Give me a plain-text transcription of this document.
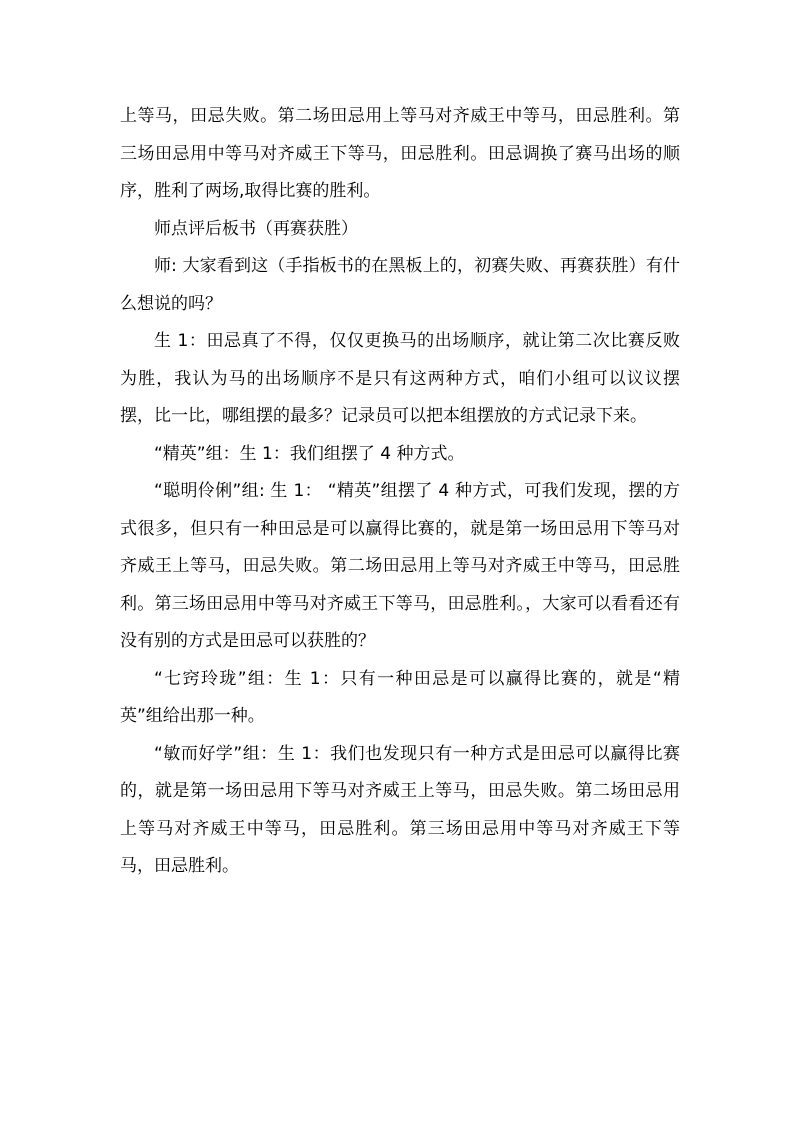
上等马，田忌失败。第二场田忌用上等马对齐威王中等马，田忌胜利。第三场田忌用中等马对齐威王下等马，田忌胜利。田忌调换了赛马出场的顺序，胜利了两场,取得比赛的胜利。

师点评后板书（再赛获胜）

师: 大家看到这（手指板书的在黑板上的，初赛失败、再赛获胜）有什么想说的吗？

生 1：田忌真了不得，仅仅更换马的出场顺序，就让第二次比赛反败为胜，我认为马的出场顺序不是只有这两种方式，咱们小组可以议议摆摆，比一比，哪组摆的最多？记录员可以把本组摆放的方式记录下来。

“精英”组：生 1：我们组摆了 4 种方式。

“聪明伶俐”组: 生 1： “精英”组摆了 4 种方式，可我们发现，摆的方式很多，但只有一种田忌是可以赢得比赛的，就是第一场田忌用下等马对齐威王上等马，田忌失败。第二场田忌用上等马对齐威王中等马，田忌胜利。第三场田忌用中等马对齐威王下等马，田忌胜利。，大家可以看看还有没有别的方式是田忌可以获胜的？

“七窍玲珑”组：生 1：只有一种田忌是可以赢得比赛的，就是“精英”组给出那一种。

“敏而好学”组：生 1：我们也发现只有一种方式是田忌可以赢得比赛的，就是第一场田忌用下等马对齐威王上等马，田忌失败。第二场田忌用上等马对齐威王中等马，田忌胜利。第三场田忌用中等马对齐威王下等马，田忌胜利。
